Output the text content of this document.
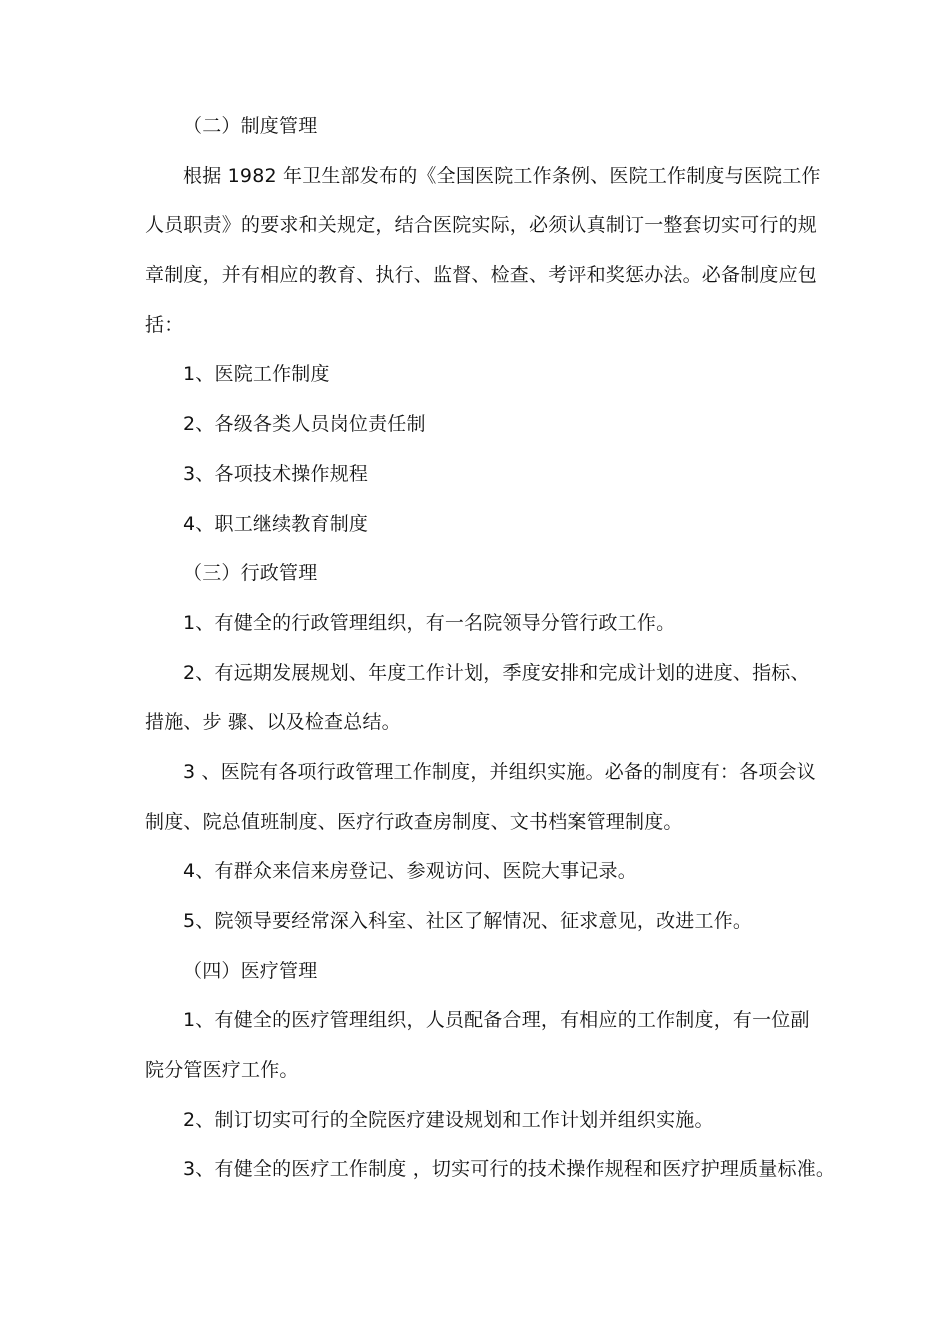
（二）制度管理
根据 1982 年卫生部发布的《全国医院工作条例、医院工作制度与医院工作
人员职责》的要求和关规定，结合医院实际，必须认真制订一整套切实可行的规
章制度，并有相应的教育、执行、监督、检查、考评和奖惩办法。必备制度应包
括：
1、医院工作制度
2、各级各类人员岗位责任制
3、各项技术操作规程
4、职工继续教育制度
（三）行政管理
1、有健全的行政管理组织，有一名院领导分管行政工作。
2、有远期发展规划、年度工作计划，季度安排和完成计划的进度、指标、
措施、步 骤、以及检查总结。
3 、医院有各项行政管理工作制度，并组织实施。必备的制度有：各项会议
制度、院总值班制度、医疗行政查房制度、文书档案管理制度。
4、有群众来信来房登记、参观访问、医院大事记录。
5、院领导要经常深入科室、社区了解情况、征求意见，改进工作。
（四）医疗管理
1、有健全的医疗管理组织，人员配备合理，有相应的工作制度，有一位副
院分管医疗工作。
2、制订切实可行的全院医疗建设规划和工作计划并组织实施。
3、有健全的医疗工作制度 ，切实可行的技术操作规程和医疗护理质量标准。
